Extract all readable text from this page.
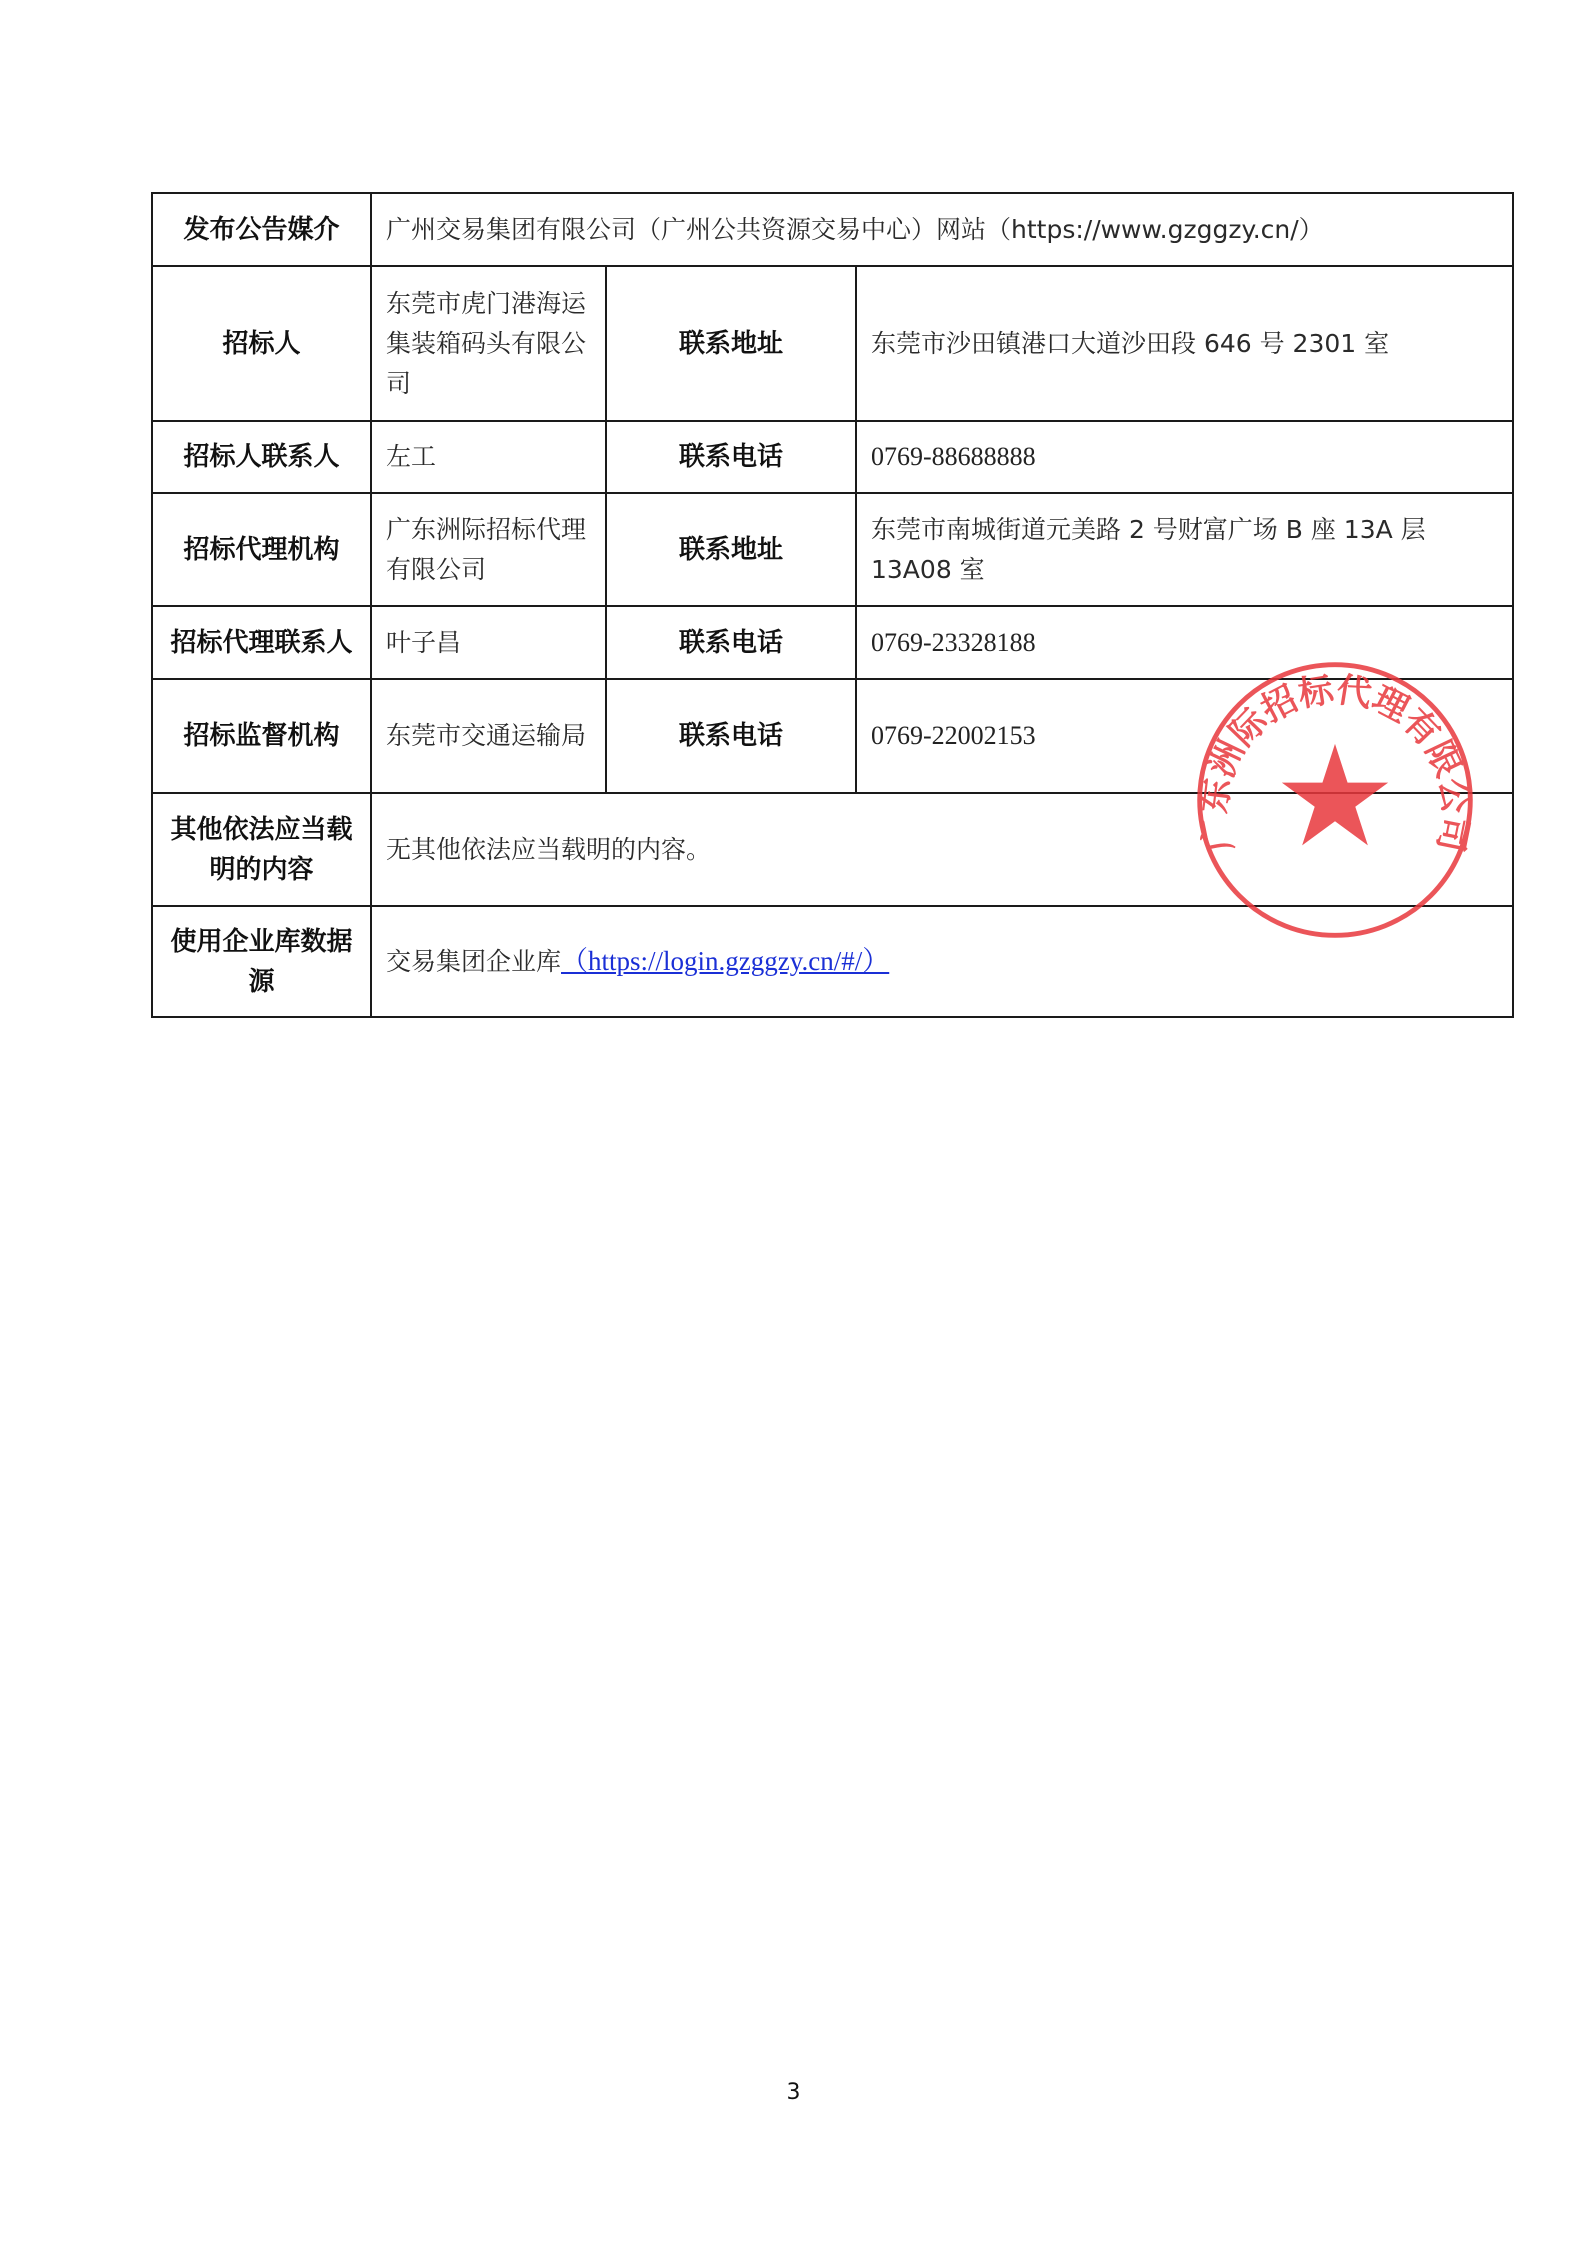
发布公告媒介	广州交易集团有限公司（广州公共资源交易中心）网站（https://www.gzggzy.cn/）		
招标人	东莞市虎门港海运集装箱码头有限公司	联系地址	东莞市沙田镇港口大道沙田段 646 号 2301 室
招标人联系人	左工	联系电话	0769-88688888
招标代理机构	广东洲际招标代理有限公司	联系地址	东莞市南城街道元美路 2 号财富广场 B 座 13A 层 13A08 室
招标代理联系人	叶子昌	联系电话	0769-23328188
招标监督机构	东莞市交通运输局	联系电话	0769-22002153
其他依法应当载明的内容	无其他依法应当载明的内容。		
使用企业库数据源	交易集团企业库（https://login.gzggzy.cn/#/）		
广东洲际招标代理有限公司
3
